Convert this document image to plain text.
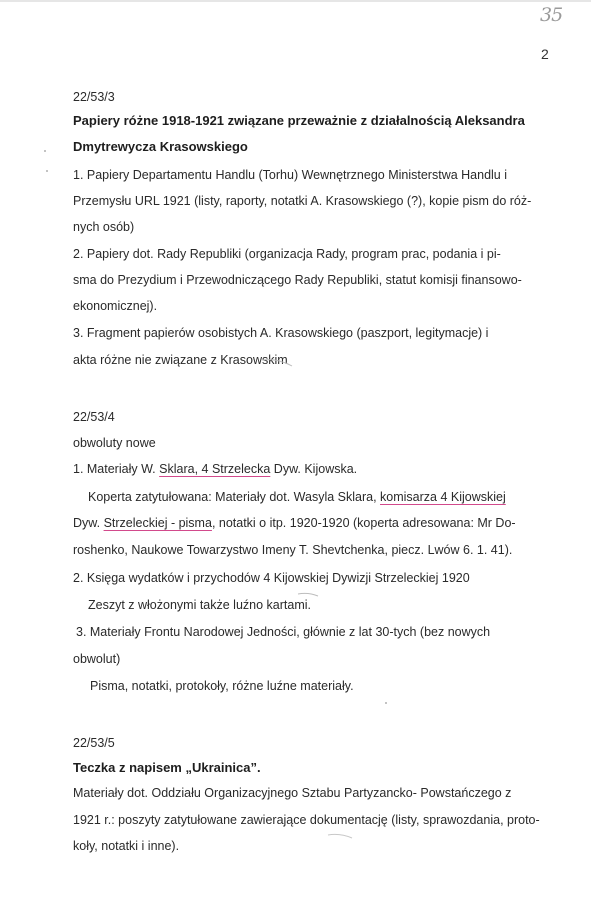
35
2
22/53/3
Papiery różne 1918-1921 związane przeważnie z działalnością Aleksandra
Dmytrewycza Krasowskiego
1. Papiery Departamentu Handlu (Torhu) Wewnętrznego Ministerstwa Handlu i
Przemysłu URL 1921 (listy, raporty, notatki A. Krasowskiego (?), kopie pism do róż-
nych osób)
2. Papiery dot. Rady Republiki (organizacja Rady, program prac, podania i pi-
sma do Prezydium i Przewodniczącego Rady Republiki, statut komisji finansowo-
ekonomicznej).
3. Fragment papierów osobistych A. Krasowskiego (paszport, legitymacje) i
akta różne nie związane z Krasowskim
22/53/4
obwoluty nowe
1. Materiały W. Sklara, 4 Strzelecka Dyw. Kijowska.
Koperta zatytułowana: Materiały dot. Wasyla Sklara, komisarza 4 Kijowskiej
Dyw. Strzeleckiej - pisma, notatki o itp. 1920-1920 (koperta adresowana: Mr Do-
roshenko, Naukowe Towarzystwo Imeny T. Shevtchenka, piecz. Lwów 6. 1. 41).
2. Księga wydatków i przychodów 4 Kijowskiej Dywizji Strzeleckiej 1920
Zeszyt z włożonymi także luźno kartami.
3. Materiały Frontu Narodowej Jedności, głównie z lat 30-tych (bez nowych
obwolut)
Pisma, notatki, protokoły, różne luźne materiały.
22/53/5
Teczka z napisem „Ukrainica”.
Materiały dot. Oddziału Organizacyjnego Sztabu Partyzancko- Powstańczego z
1921 r.: poszyty zatytułowane zawierające dokumentację (listy, sprawozdania, proto-
koły, notatki i inne).
